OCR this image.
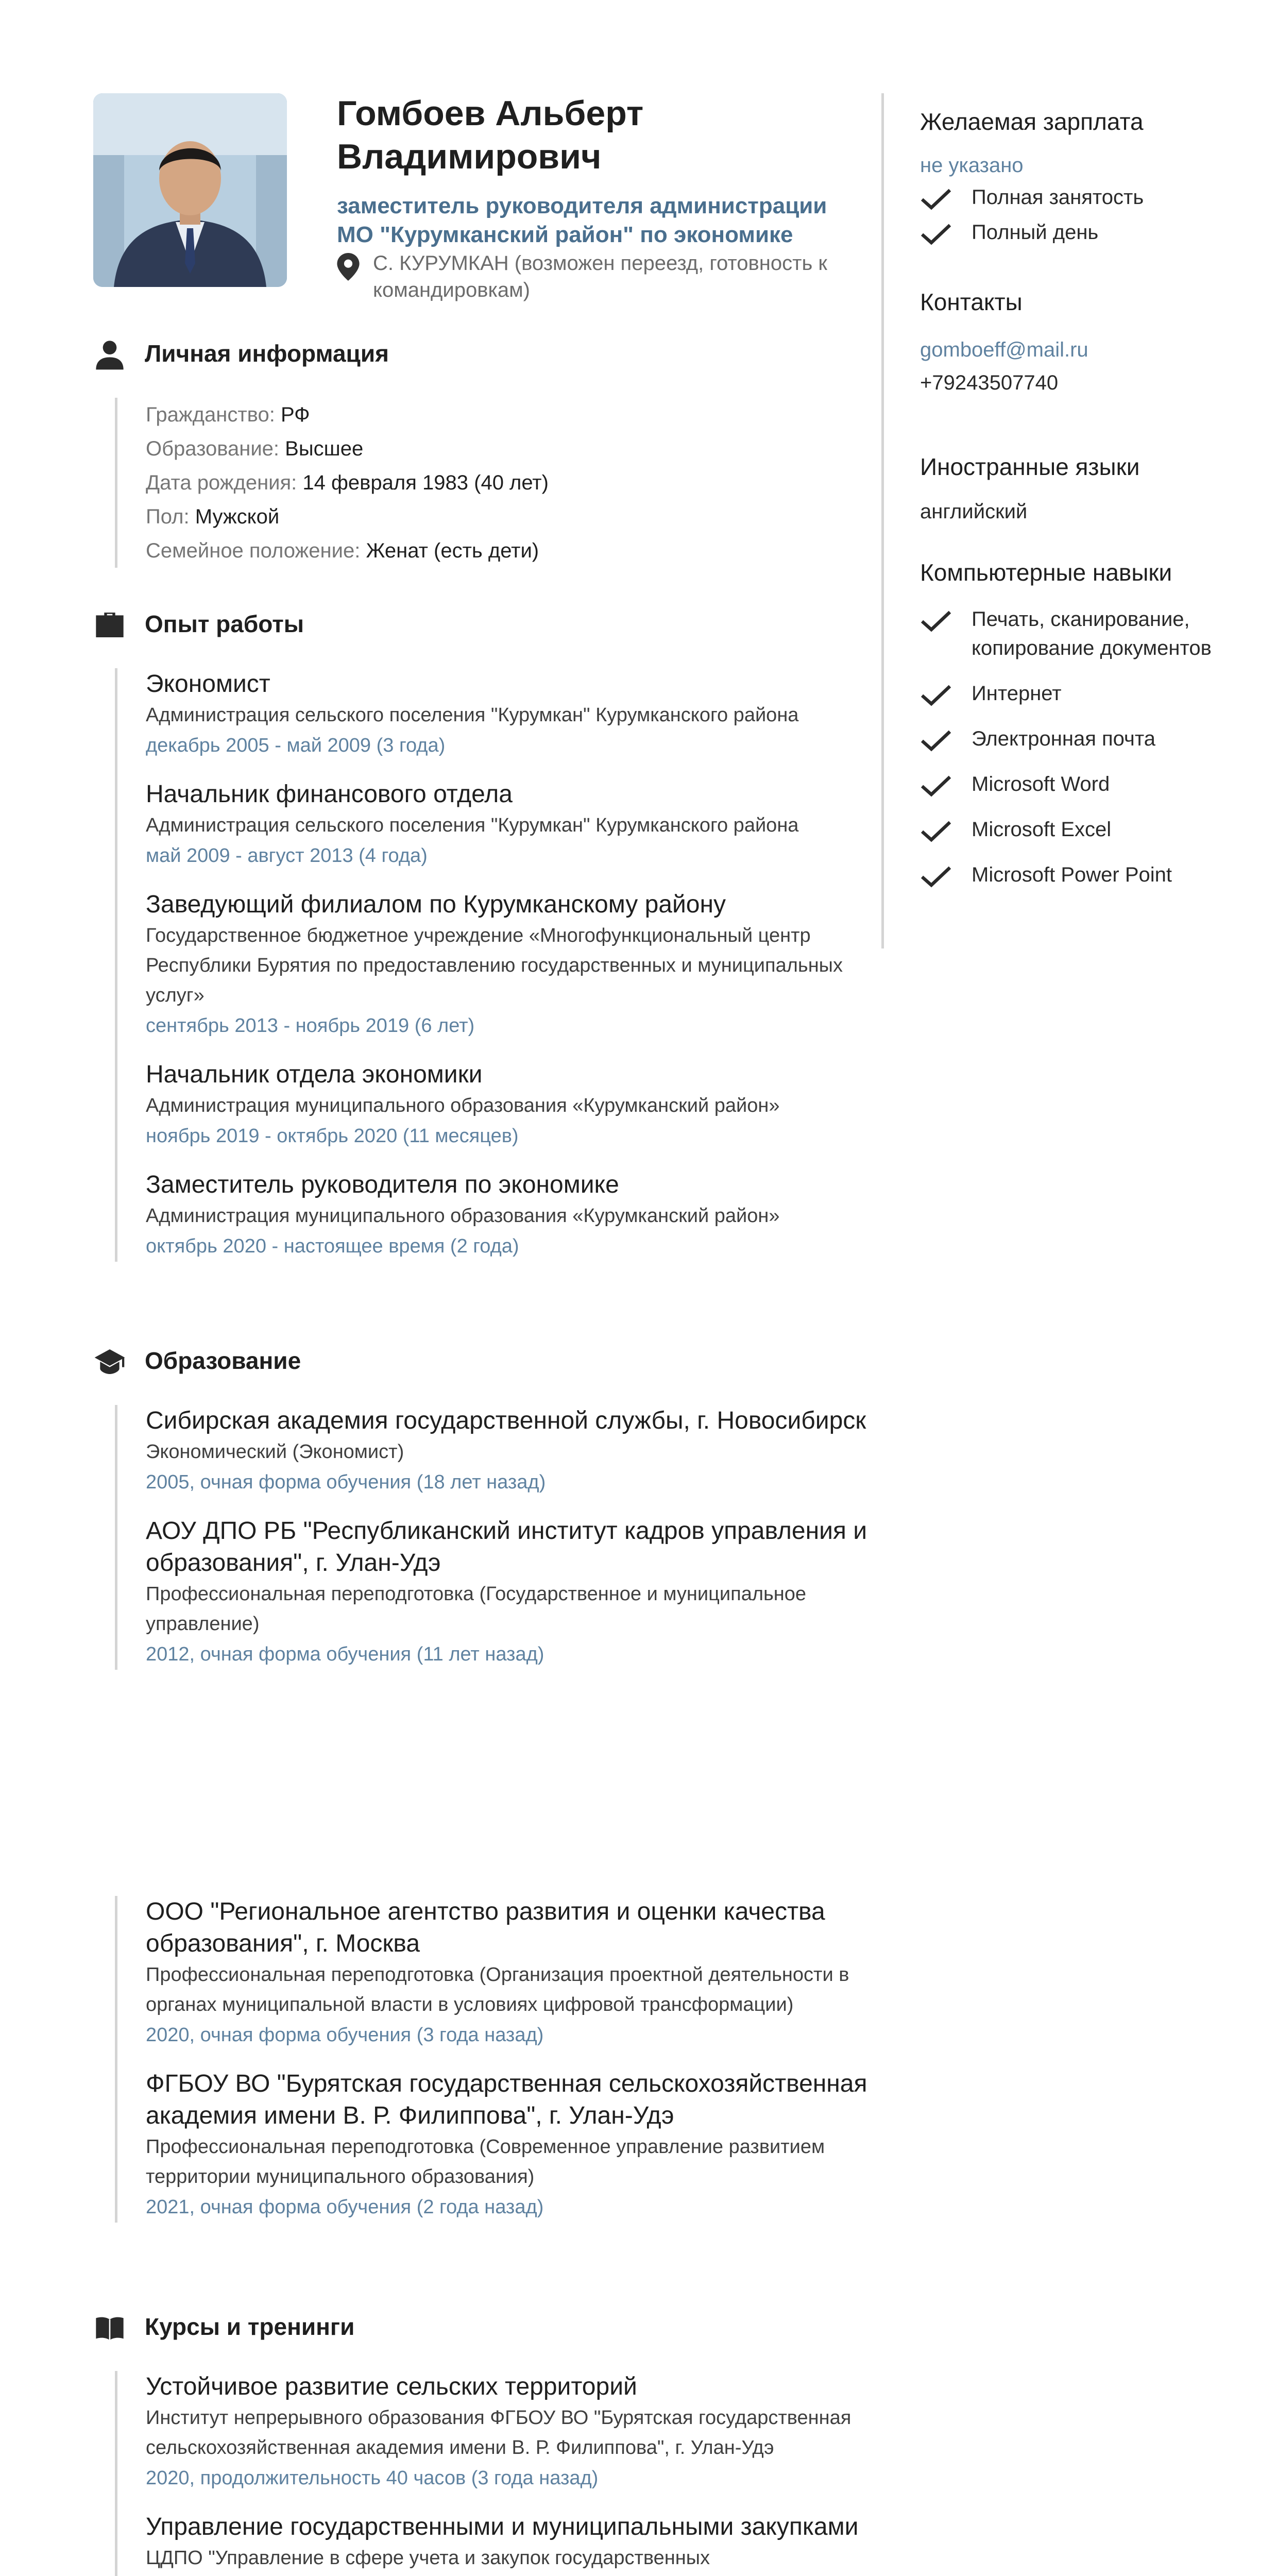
Гомбоев Альберт Владимирович
заместитель руководителя администрации МО "Курумканский район" по экономике
С. КУРУМКАН (возможен переезд, готовность к командировкам)
Личная информация
Гражданство: РФ
Образование: Высшее
Дата рождения: 14 февраля 1983 (40 лет)
Пол: Мужской
Семейное положение: Женат (есть дети)
Опыт работы
Экономист
Администрация сельского поселения "Курумкан" Курумканского района
декабрь 2005 - май 2009 (3 года)
Начальник финансового отдела
Администрация сельского поселения "Курумкан" Курумканского района
май 2009 - август 2013 (4 года)
Заведующий филиалом по Курумканскому району
Государственное бюджетное учреждение «Многофункциональный центр Республики Бурятия по предоставлению государственных и муниципальных услуг»
сентябрь 2013 - ноябрь 2019 (6 лет)
Начальник отдела экономики
Администрация муниципального образования «Курумканский район»
ноябрь 2019 - октябрь 2020 (11 месяцев)
Заместитель руководителя по экономике
Администрация муниципального образования «Курумканский район»
октябрь 2020 - настоящее время (2 года)
Образование
Сибирская академия государственной службы, г. Новосибирск
Экономический (Экономист)
2005, очная форма обучения (18 лет назад)
АОУ ДПО РБ "Республиканский институт кадров управления и образования", г. Улан-Удэ
Профессиональная переподготовка (Государственное и муниципальное управление)
2012, очная форма обучения (11 лет назад)
ООО "Региональное агентство развития и оценки качества образования", г. Москва
Профессиональная переподготовка (Организация проектной деятельности в органах муниципальной власти в условиях цифровой трансформации)
2020, очная форма обучения (3 года назад)
ФГБОУ ВО "Бурятская государственная сельскохозяйственная академия имени В. Р. Филиппова", г. Улан-Удэ
Профессиональная переподготовка (Современное управление развитием территории муниципального образования)
2021, очная форма обучения (2 года назад)
Курсы и тренинги
Устойчивое развитие сельских территорий
Институт непрерывного образования ФГБОУ ВО "Бурятская государственная сельскохозяйственная академия имени В. Р. Филиппова", г. Улан-Удэ
2020, продолжительность 40 часов (3 года назад)
Управление государственными и муниципальными закупками
ЦДПО "Управление в сфере учета и закупок государственных
Желаемая зарплата
не указано
Полная занятость
Полный день
Контакты
gomboeff@mail.ru
+79243507740
Иностранные языки
английский
Компьютерные навыки
Печать, сканирование, копирование документов
Интернет
Электронная почта
Microsoft Word
Microsoft Excel
Microsoft Power Point
